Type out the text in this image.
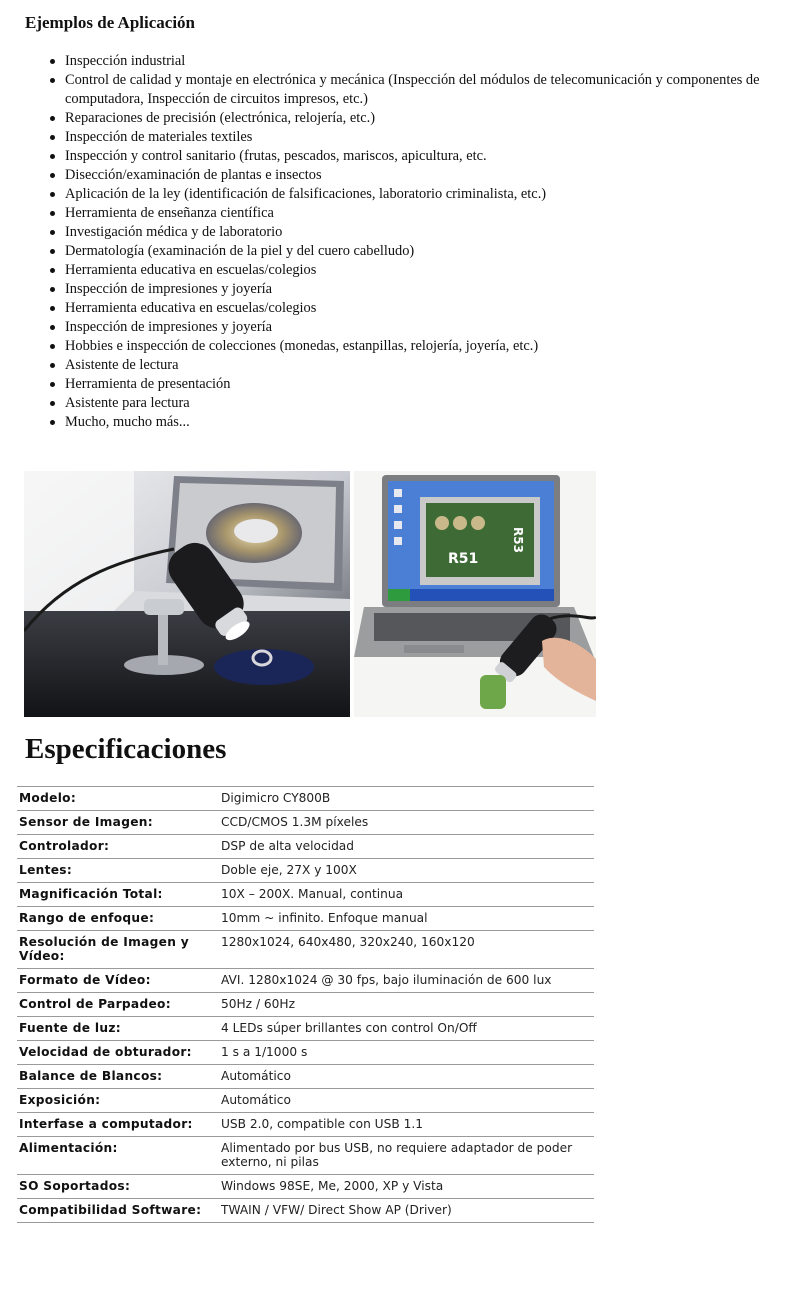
Ejemplos de Aplicación
Inspección industrial
Control de calidad y montaje en electrónica y mecánica (Inspección del módulos de telecomunicación y componentes de computadora, Inspección de circuitos impresos, etc.)
Reparaciones de precisión (electrónica, relojería, etc.)
Inspección de materiales textiles
Inspección y control sanitario (frutas, pescados, mariscos, apicultura, etc.
Disección/examinación de plantas e insectos
Aplicación de la ley (identificación de falsificaciones, laboratorio criminalista, etc.)
Herramienta de enseñanza científica
Investigación médica y de laboratorio
Dermatología (examinación de la piel y del cuero cabelludo)
Herramienta educativa en escuelas/colegios
Inspección de impresiones y joyería
Herramienta educativa en escuelas/colegios
Inspección de impresiones y joyería
Hobbies e inspección de colecciones (monedas, estanpillas, relojería, joyería, etc.)
Asistente de lectura
Herramienta de presentación
Asistente para lectura
Mucho, mucho más...
R51
R53
Especificaciones
Modelo:	Digimicro CY800B
Sensor de Imagen:	CCD/CMOS 1.3M píxeles
Controlador:	DSP de alta velocidad
Lentes:	Doble eje, 27X y 100X
Magnificación Total:	10X – 200X. Manual, continua
Rango de enfoque:	10mm ~ infinito. Enfoque manual
Resolución de Imagen y Vídeo:	1280x1024, 640x480, 320x240, 160x120
Formato de Vídeo:	AVI. 1280x1024 @ 30 fps, bajo iluminación de 600 lux
Control de Parpadeo:	50Hz / 60Hz
Fuente de luz:	4 LEDs súper brillantes con control On/Off
Velocidad de obturador:	1 s a 1/1000 s
Balance de Blancos:	Automático
Exposición:	Automático
Interfase a computador:	USB 2.0, compatible con USB 1.1
Alimentación:	Alimentado por bus USB, no requiere adaptador de poder externo, ni pilas
SO Soportados:	Windows 98SE, Me, 2000, XP y Vista
Compatibilidad Software:	TWAIN / VFW/ Direct Show AP (Driver)
